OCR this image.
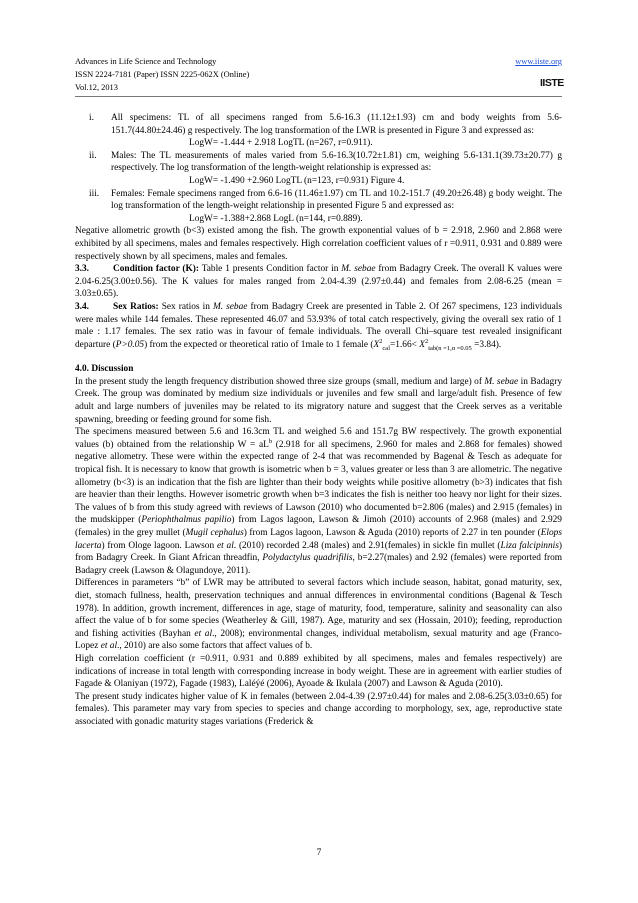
Advances in Life Science and Technology
ISSN 2224-7181 (Paper) ISSN 2225-062X (Online)
Vol.12, 2013
www.iiste.org
IISTE
i.	All specimens: TL of all specimens ranged from 5.6-16.3 (11.12±1.93) cm and body weights from 5.6-151.7(44.80±24.46) g respectively. The log transformation of the LWR is presented in Figure 3 and expressed as:

LogW= -1.444 + 2.918 LogTL (n=267, r=0.911).

ii.	Males: The TL measurements of males varied from 5.6-16.3(10.72±1.81) cm, weighing 5.6-131.1(39.73±20.77) g respectively. The log transformation of the length-weight relationship is expressed as:

LogW= -1.490 +2.960 LogTL (n=123, r=0.931) Figure 4.

iii.	Females: Female specimens ranged from 6.6-16 (11.46±1.97) cm TL and 10.2-151.7 (49.20±26.48) g body weight. The log transformation of the length-weight relationship in presented Figure 5 and expressed as:

LogW= -1.388+2.868 LogL (n=144, r=0.889).

Negative allometric growth (b<3) existed among the fish. The growth exponential values of b = 2.918, 2.960 and 2.868 were exhibited by all specimens, males and females respectively. High correlation coefficient values of r =0.911, 0.931 and 0.889 were respectively shown by all specimens, males and females.

3.3.	Condition factor (K): Table 1 presents Condition factor in M. sebae from Badagry Creek. The overall K values were 2.04-6.25(3.00±0.56). The K values for males ranged from 2.04-4.39 (2.97±0.44) and females from 2.08-6.25 (mean = 3.03±0.65).

3.4.	Sex Ratios: Sex ratios in M. sebae from Badagry Creek are presented in Table 2. Of 267 specimens, 123 individuals were males while 144 females. These represented 46.07 and 53.93% of total catch respectively, giving the overall sex ratio of 1 male : 1.17 females. The sex ratio was in favour of female individuals. The overall Chi–square test revealed insignificant departure (P>0.05) from the expected or theoretical ratio of 1male to 1 female $(X^2_{cal}=1.66< X^2_{tab(n =1,\alpha =0.05} =3.84)$.

4.0. Discussion

In the present study the length frequency distribution showed three size groups (small, medium and large) of M. sebae in Badagry Creek. The group was dominated by medium size individuals or juveniles and few small and large/adult fish. Presence of few adult and large numbers of juveniles may be related to its migratory nature and suggest that the Creek serves as a veritable spawning, breeding or feeding ground for some fish.

The specimens measured between 5.6 and 16.3cm TL and weighed 5.6 and 151.7g BW respectively. The growth exponential values (b) obtained from the relationship $W = aL^b$ (2.918 for all specimens, 2.960 for males and 2.868 for females) showed negative allometry. These were within the expected range of 2-4 that was recommended by Bagenal & Tesch as adequate for tropical fish. It is necessary to know that growth is isometric when b = 3, values greater or less than 3 are allometric. The negative allometry (b<3) is an indication that the fish are lighter than their body weights while positive allometry (b>3) indicates that fish are heavier than their lengths. However isometric growth when b=3 indicates the fish is neither too heavy nor light for their sizes. The values of b from this study agreed with reviews of Lawson (2010) who documented b=2.806 (males) and 2.915 (females) in the mudskipper (Periophthalmus papilio) from Lagos lagoon, Lawson & Jimoh (2010) accounts of 2.968 (males) and 2.929 (females) in the grey mullet (Mugil cephalus) from Lagos lagoon, Lawson & Aguda (2010) reports of 2.27 in ten pounder (Elops lacerta) from Ologe lagoon. Lawson et al. (2010) recorded 2.48 (males) and 2.91(females) in sickle fin mullet (Liza falcipinnis) from Badagry Creek. In Giant African threadfin, Polydactylus quadrifilis, b=2.27(males) and 2.92 (females) were reported from Badagry creek (Lawson & Olagundoye, 2011).

Differences in parameters “b” of LWR may be attributed to several factors which include season, habitat, gonad maturity, sex, diet, stomach fullness, health, preservation techniques and annual differences in environmental conditions (Bagenal & Tesch 1978). In addition, growth increment, differences in age, stage of maturity, food, temperature, salinity and seasonality can also affect the value of b for some species (Weatherley & Gill, 1987). Age, maturity and sex (Hossain, 2010); feeding, reproduction and fishing activities (Bayhan et al., 2008); environmental changes, individual metabolism, sexual maturity and age (Franco-Lopez et al., 2010) are also some factors that affect values of b.

High correlation coefficient (r =0.911, 0.931 and 0.889 exhibited by all specimens, males and females respectively) are indications of increase in total length with corresponding increase in body weight. These are in agreement with earlier studies of Fagade & Olaniyan (1972), Fagade (1983), Laléýé (2006), Ayoade & Ikulala (2007) and Lawson & Aguda (2010).

The present study indicates higher value of K in females (between 2.04-4.39 (2.97±0.44) for males and 2.08-6.25(3.03±0.65) for females). This parameter may vary from species to species and change according to morphology, sex, age, reproductive state associated with gonadic maturity stages variations (Frederick &

7
